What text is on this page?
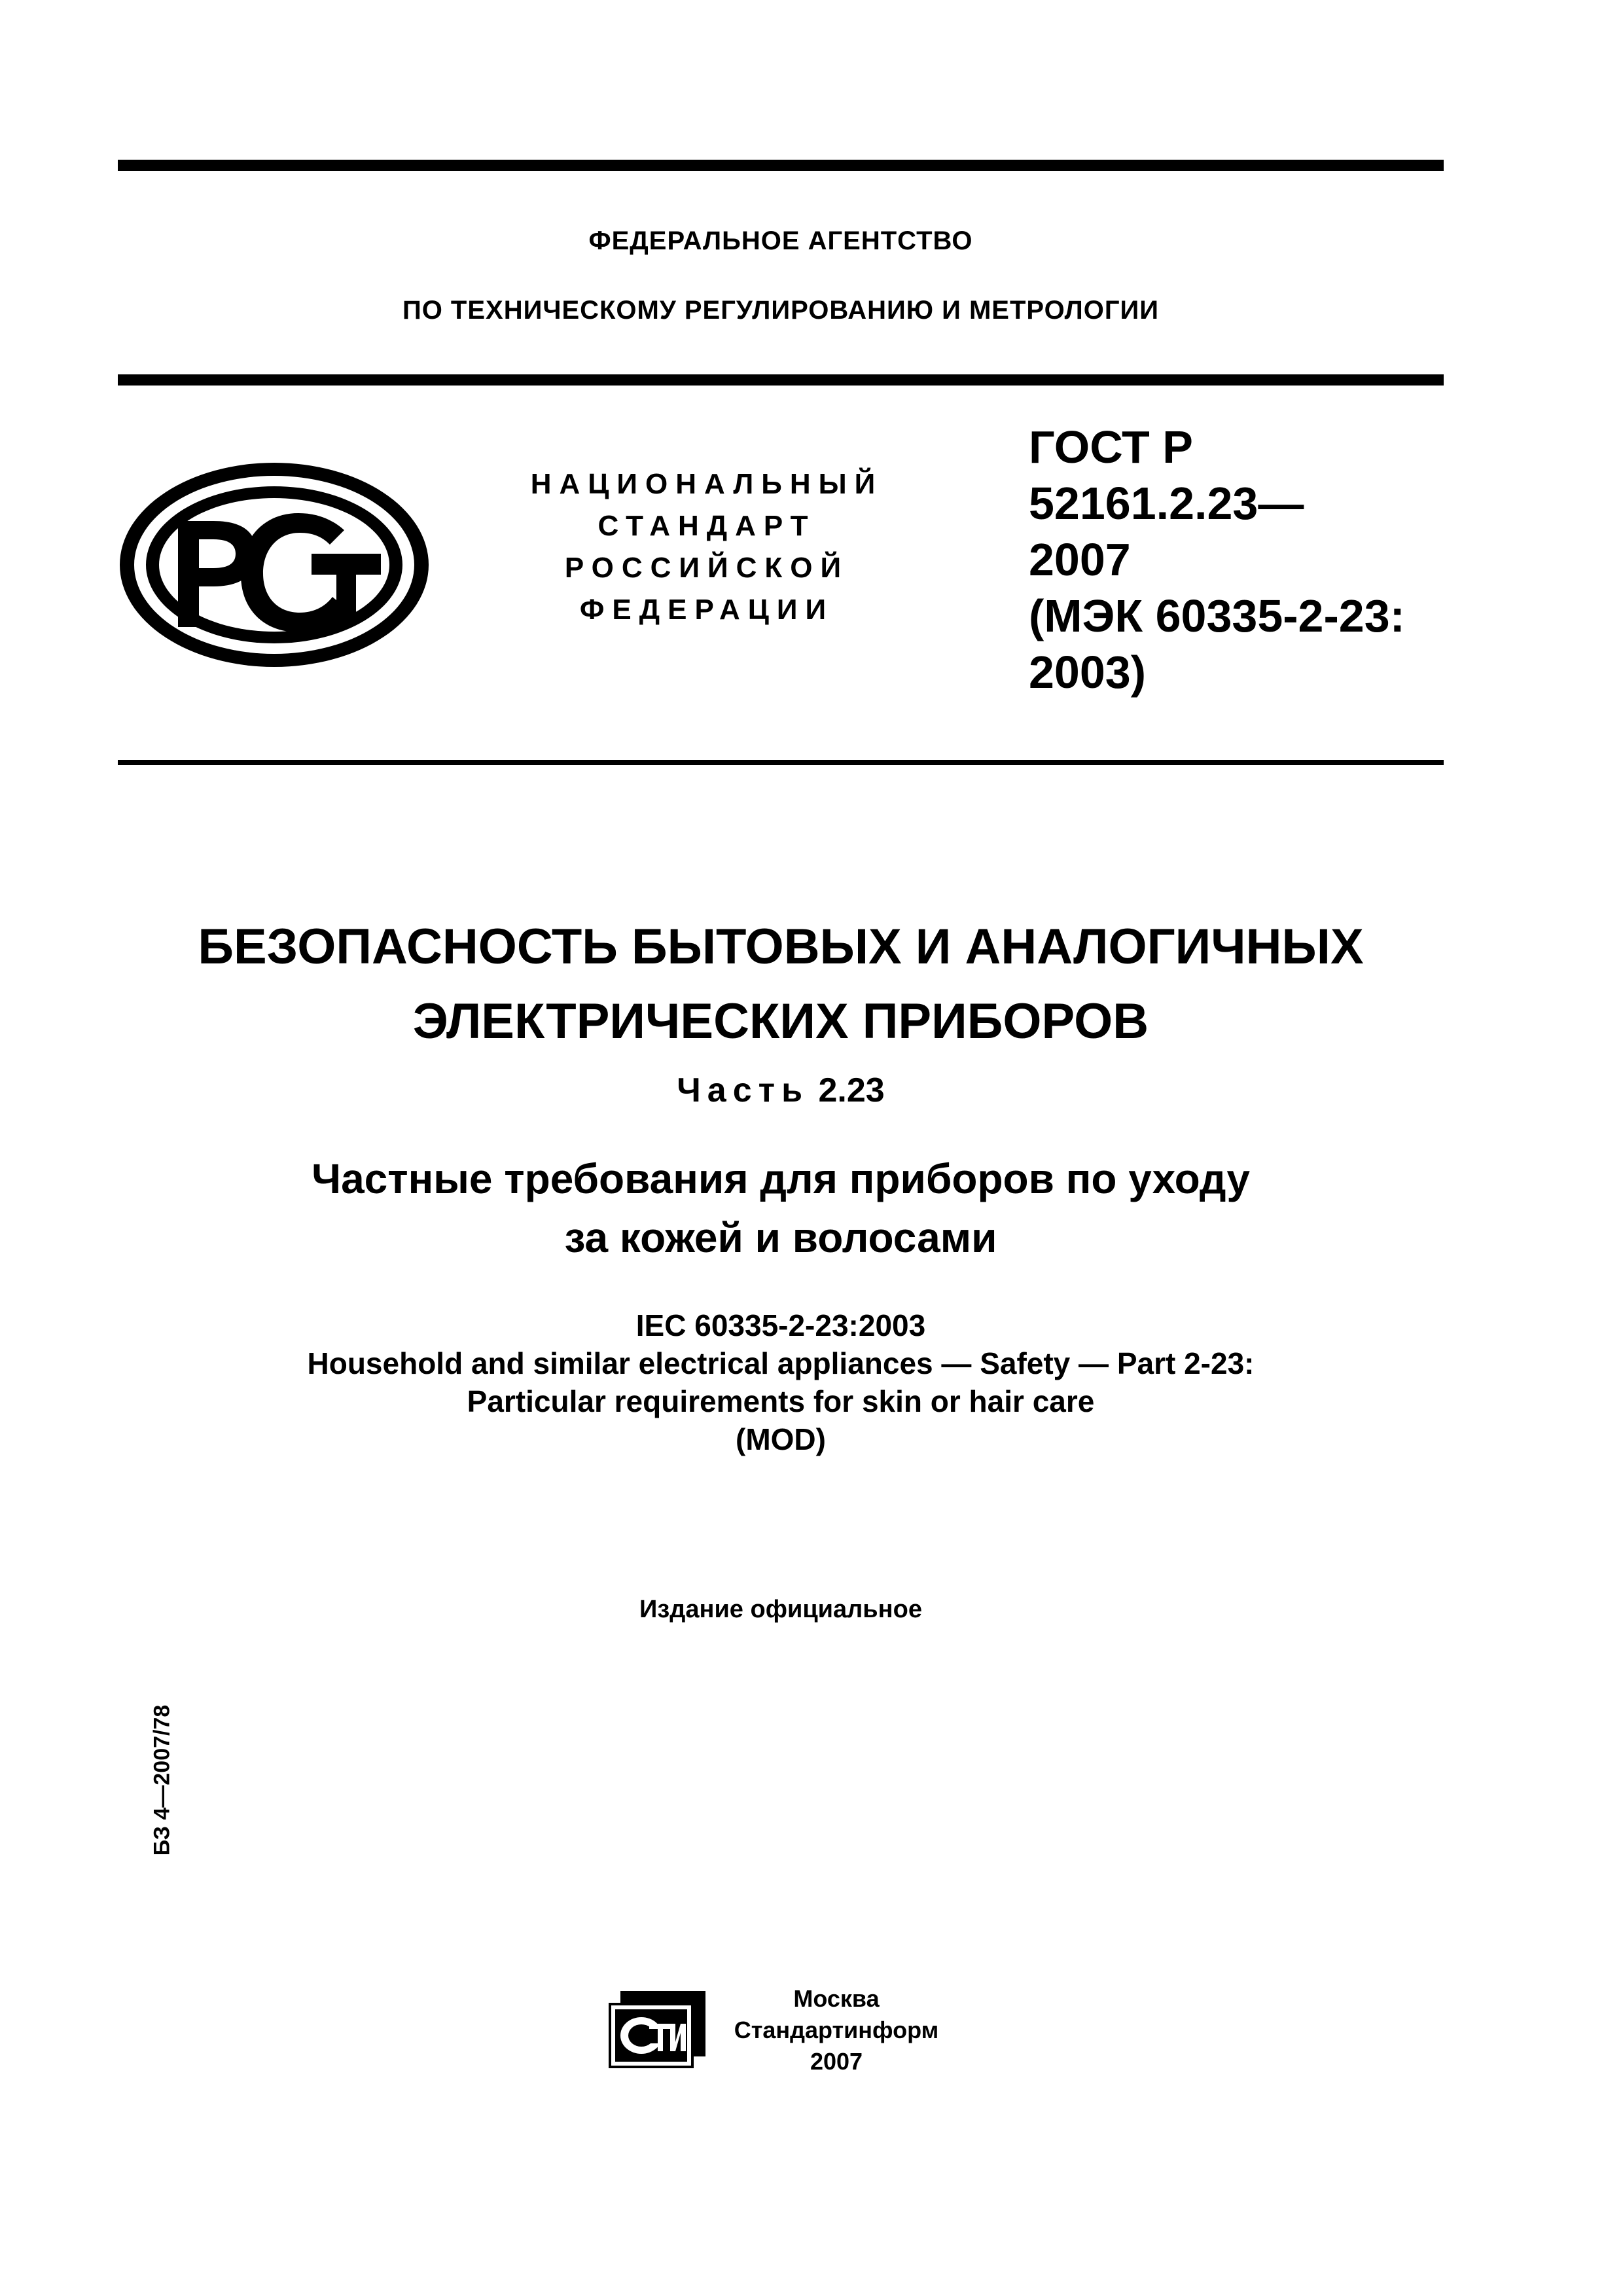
ФЕДЕРАЛЬНОЕ АГЕНТСТВО
ПО ТЕХНИЧЕСКОМУ РЕГУЛИРОВАНИЮ И МЕТРОЛОГИИ
НАЦИОНАЛЬНЫЙ
СТАНДАРТ
РОССИЙСКОЙ
ФЕДЕРАЦИИ
ГОСТ Р
52161.2.23—
2007
(МЭК 60335-2-23:
2003)
БЕЗОПАСНОСТЬ БЫТОВЫХ И АНАЛОГИЧНЫХ
ЭЛЕКТРИЧЕСКИХ ПРИБОРОВ
Часть 2.23
Частные требования для приборов по уходу
за кожей и волосами
IEC 60335-2-23:2003
Household and similar electrical appliances — Safety — Part 2-23:
Particular requirements for skin or hair care
(MOD)
Издание официальное
БЗ 4—2007/78
Москва
Стандартинформ
2007
